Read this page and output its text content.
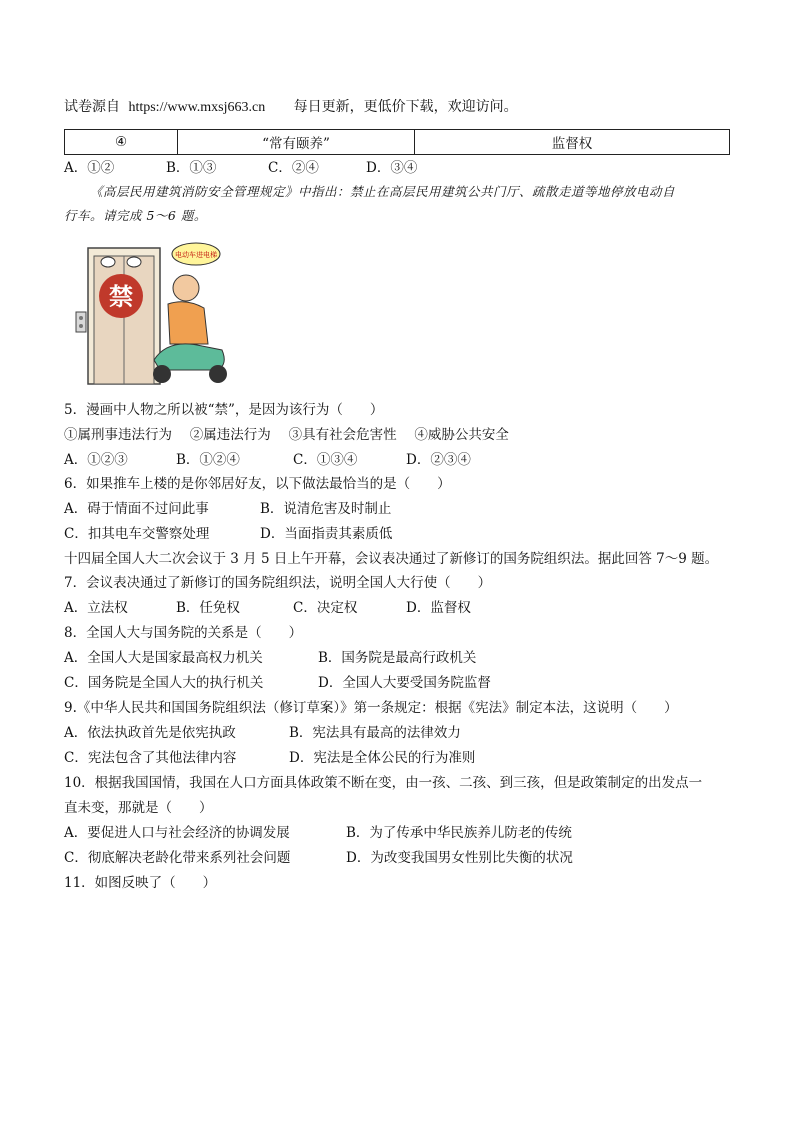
试卷源自 https://www.mxsj663.cn 每日更新，更低价下载，欢迎访问。
④	“常有颐养”	监督权
A．①②	B．①③	C．②④	D．③④
《高层民用建筑消防安全管理规定》中指出：禁止在高层民用建筑公共门厅、疏散走道等地停放电动自
行车。请完成 5～6 题。
禁
电动车进电梯
5．漫画中人物之所以被“禁”，是因为该行为（　　）
①属刑事违法行为　 ②属违法行为　 ③具有社会危害性　 ④威胁公共安全
A．①②③	B．①②④	C．①③④	D．②③④
6．如果推车上楼的是你邻居好友，以下做法最恰当的是（　　）
A．碍于情面不过问此事	B．说清危害及时制止
C．扣其电车交警察处理	D．当面指责其素质低
十四届全国人大二次会议于 3 月 5 日上午开幕，会议表决通过了新修订的国务院组织法。据此回答 7～9 题。
7．会议表决通过了新修订的国务院组织法，说明全国人大行使（　　）
A．立法权	B．任免权	C．决定权	D．监督权
8．全国人大与国务院的关系是（　　）
A．全国人大是国家最高权力机关	B．国务院是最高行政机关
C．国务院是全国人大的执行机关	D．全国人大要受国务院监督
9.《中华人民共和国国务院组织法（修订草案）》第一条规定：根据《宪法》制定本法，这说明（　　）
A．依法执政首先是依宪执政	B．宪法具有最高的法律效力
C．宪法包含了其他法律内容	D．宪法是全体公民的行为准则
10．根据我国国情，我国在人口方面具体政策不断在变，由一孩、二孩、到三孩，但是政策制定的出发点一
直未变，那就是（　　）
A．要促进人口与社会经济的协调发展	B．为了传承中华民族养儿防老的传统
C．彻底解决老龄化带来系列社会问题	D．为改变我国男女性别比失衡的状况
11．如图反映了（　　）
